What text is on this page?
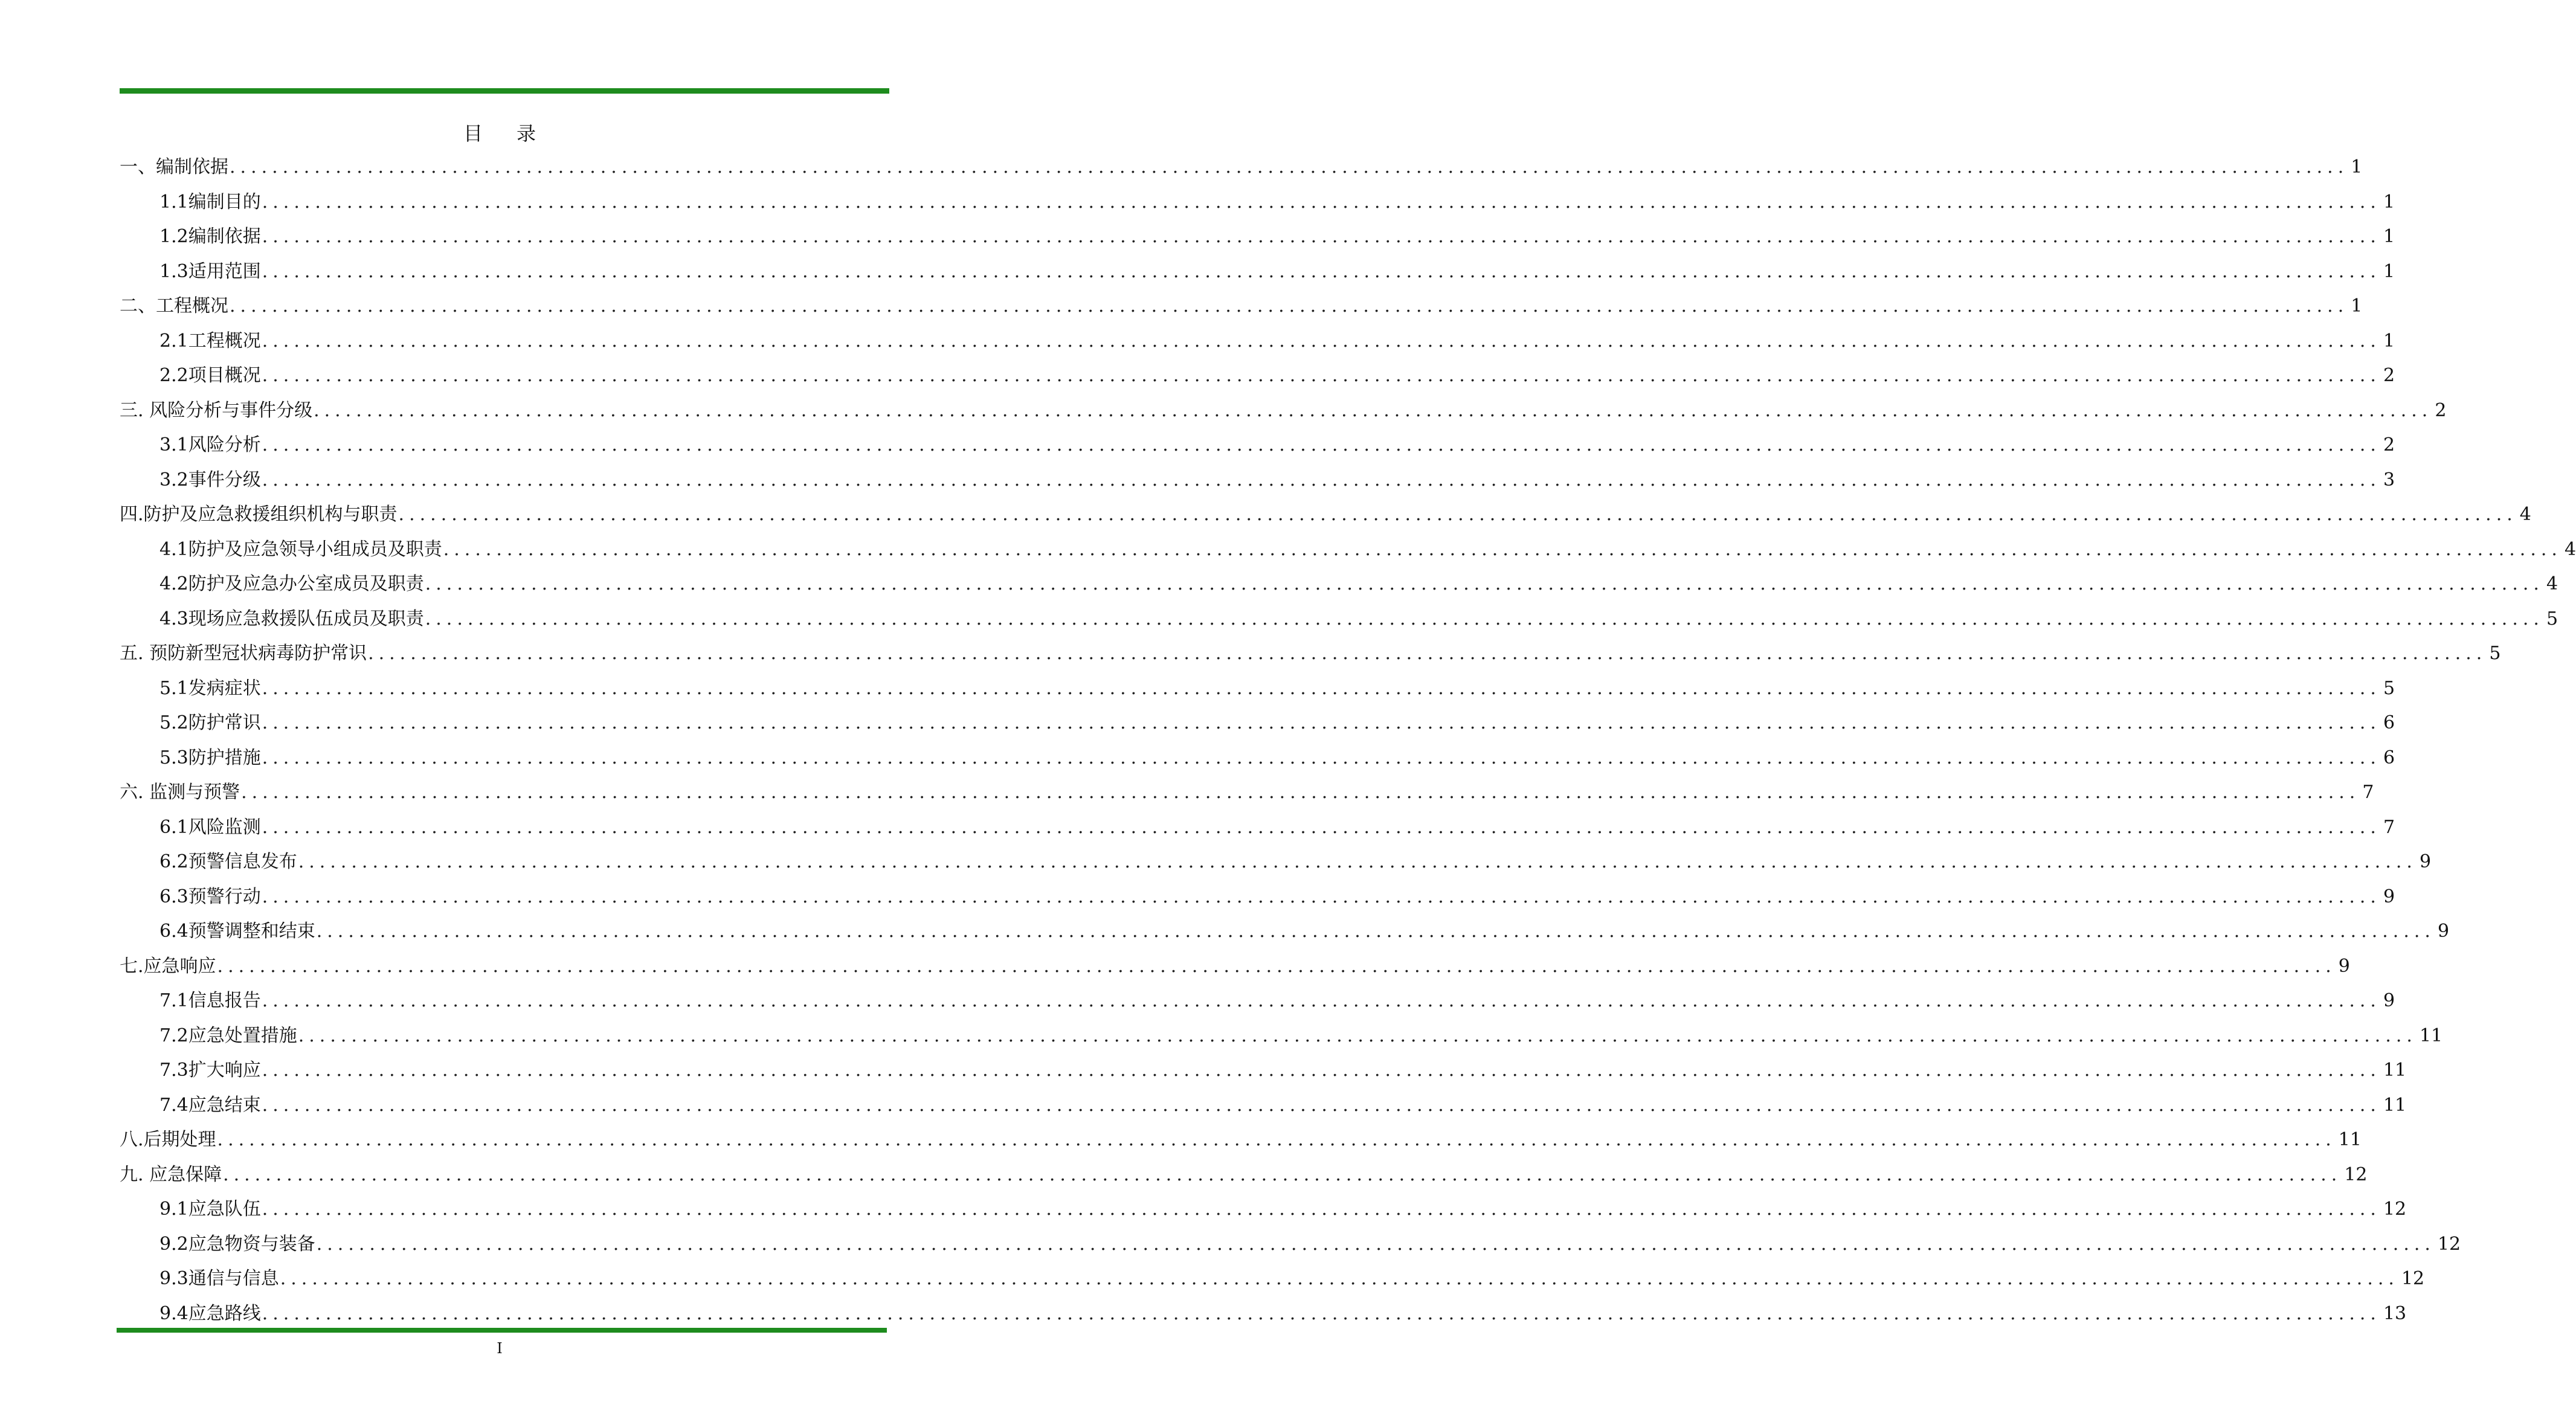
目 录
一、编制依据 ........................................................................................................................................................................................................ 1
1.1编制目的 ........................................................................................................................................................................................................ 1
1.2编制依据 ........................................................................................................................................................................................................ 1
1.3适用范围 ........................................................................................................................................................................................................ 1
二、工程概况 ........................................................................................................................................................................................................ 1
2.1工程概况 ........................................................................................................................................................................................................ 1
2.2项目概况 ........................................................................................................................................................................................................ 2
三. 风险分析与事件分级 ........................................................................................................................................................................................................ 2
3.1风险分析 ........................................................................................................................................................................................................ 2
3.2事件分级 ........................................................................................................................................................................................................ 3
四.防护及应急救援组织机构与职责 ........................................................................................................................................................................................................ 4
4.1防护及应急领导小组成员及职责 ........................................................................................................................................................................................................ 4
4.2防护及应急办公室成员及职责 ........................................................................................................................................................................................................ 4
4.3现场应急救援队伍成员及职责 ........................................................................................................................................................................................................ 5
五. 预防新型冠状病毒防护常识 ........................................................................................................................................................................................................ 5
5.1发病症状 ........................................................................................................................................................................................................ 5
5.2防护常识 ........................................................................................................................................................................................................ 6
5.3防护措施 ........................................................................................................................................................................................................ 6
六. 监测与预警 ........................................................................................................................................................................................................ 7
6.1风险监测 ........................................................................................................................................................................................................ 7
6.2预警信息发布 ........................................................................................................................................................................................................ 9
6.3预警行动 ........................................................................................................................................................................................................ 9
6.4预警调整和结束 ........................................................................................................................................................................................................ 9
七.应急响应 ........................................................................................................................................................................................................ 9
7.1信息报告 ........................................................................................................................................................................................................ 9
7.2应急处置措施 ........................................................................................................................................................................................................ 11
7.3扩大响应 ........................................................................................................................................................................................................ 11
7.4应急结束 ........................................................................................................................................................................................................ 11
八.后期处理 ........................................................................................................................................................................................................ 11
九. 应急保障 ........................................................................................................................................................................................................ 12
9.1应急队伍 ........................................................................................................................................................................................................ 12
9.2应急物资与装备 ........................................................................................................................................................................................................ 12
9.3通信与信息 ........................................................................................................................................................................................................ 12
9.4应急路线 ........................................................................................................................................................................................................ 13
I
